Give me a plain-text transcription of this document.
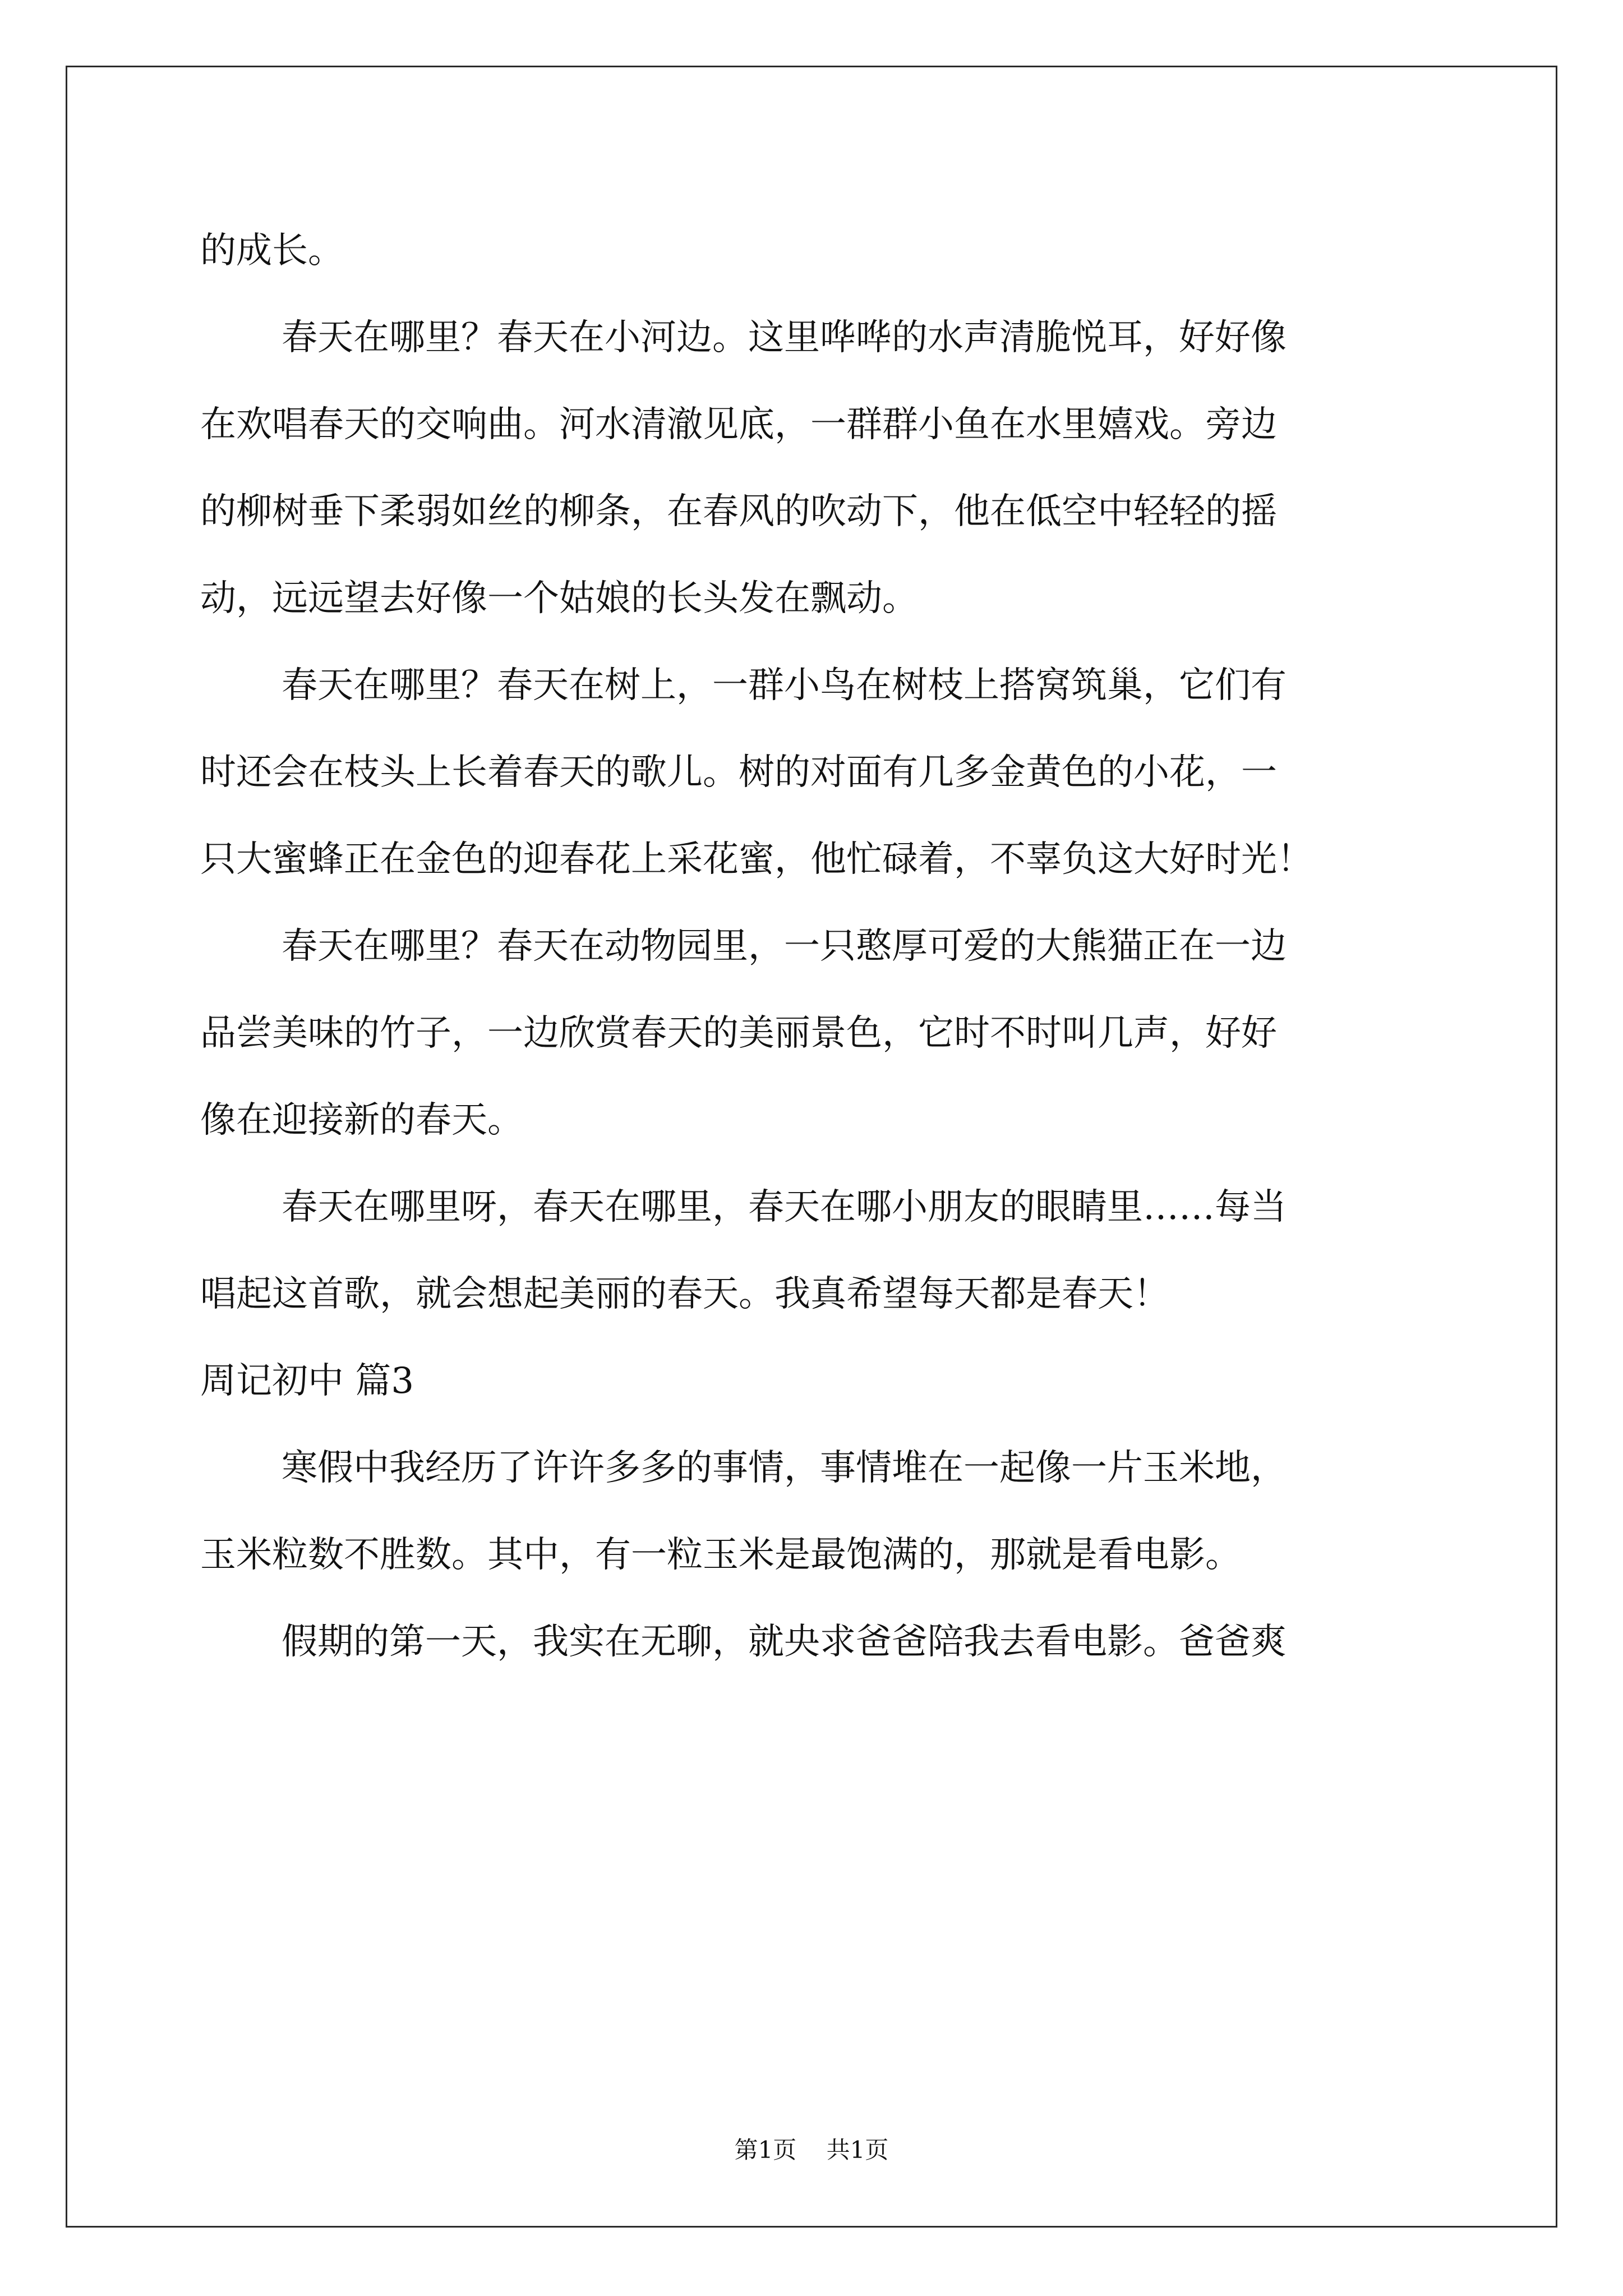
的成长。
春天在哪里？春天在小河边。这里哗哗的水声清脆悦耳，好好像
在欢唱春天的交响曲。河水清澈见底，一群群小鱼在水里嬉戏。旁边
的柳树垂下柔弱如丝的柳条，在春风的吹动下，他在低空中轻轻的摇
动，远远望去好像一个姑娘的长头发在飘动。
春天在哪里？春天在树上，一群小鸟在树枝上搭窝筑巢，它们有
时还会在枝头上长着春天的歌儿。树的对面有几多金黄色的小花，一
只大蜜蜂正在金色的迎春花上采花蜜，他忙碌着，不辜负这大好时光！
春天在哪里？春天在动物园里，一只憨厚可爱的大熊猫正在一边
品尝美味的竹子，一边欣赏春天的美丽景色，它时不时叫几声，好好
像在迎接新的春天。
春天在哪里呀，春天在哪里，春天在哪小朋友的眼睛里……每当
唱起这首歌，就会想起美丽的春天。我真希望每天都是春天！
周记初中 篇3
寒假中我经历了许许多多的事情，事情堆在一起像一片玉米地，
玉米粒数不胜数。其中，有一粒玉米是最饱满的，那就是看电影。
假期的第一天，我实在无聊，就央求爸爸陪我去看电影。爸爸爽
第1页 共1页
